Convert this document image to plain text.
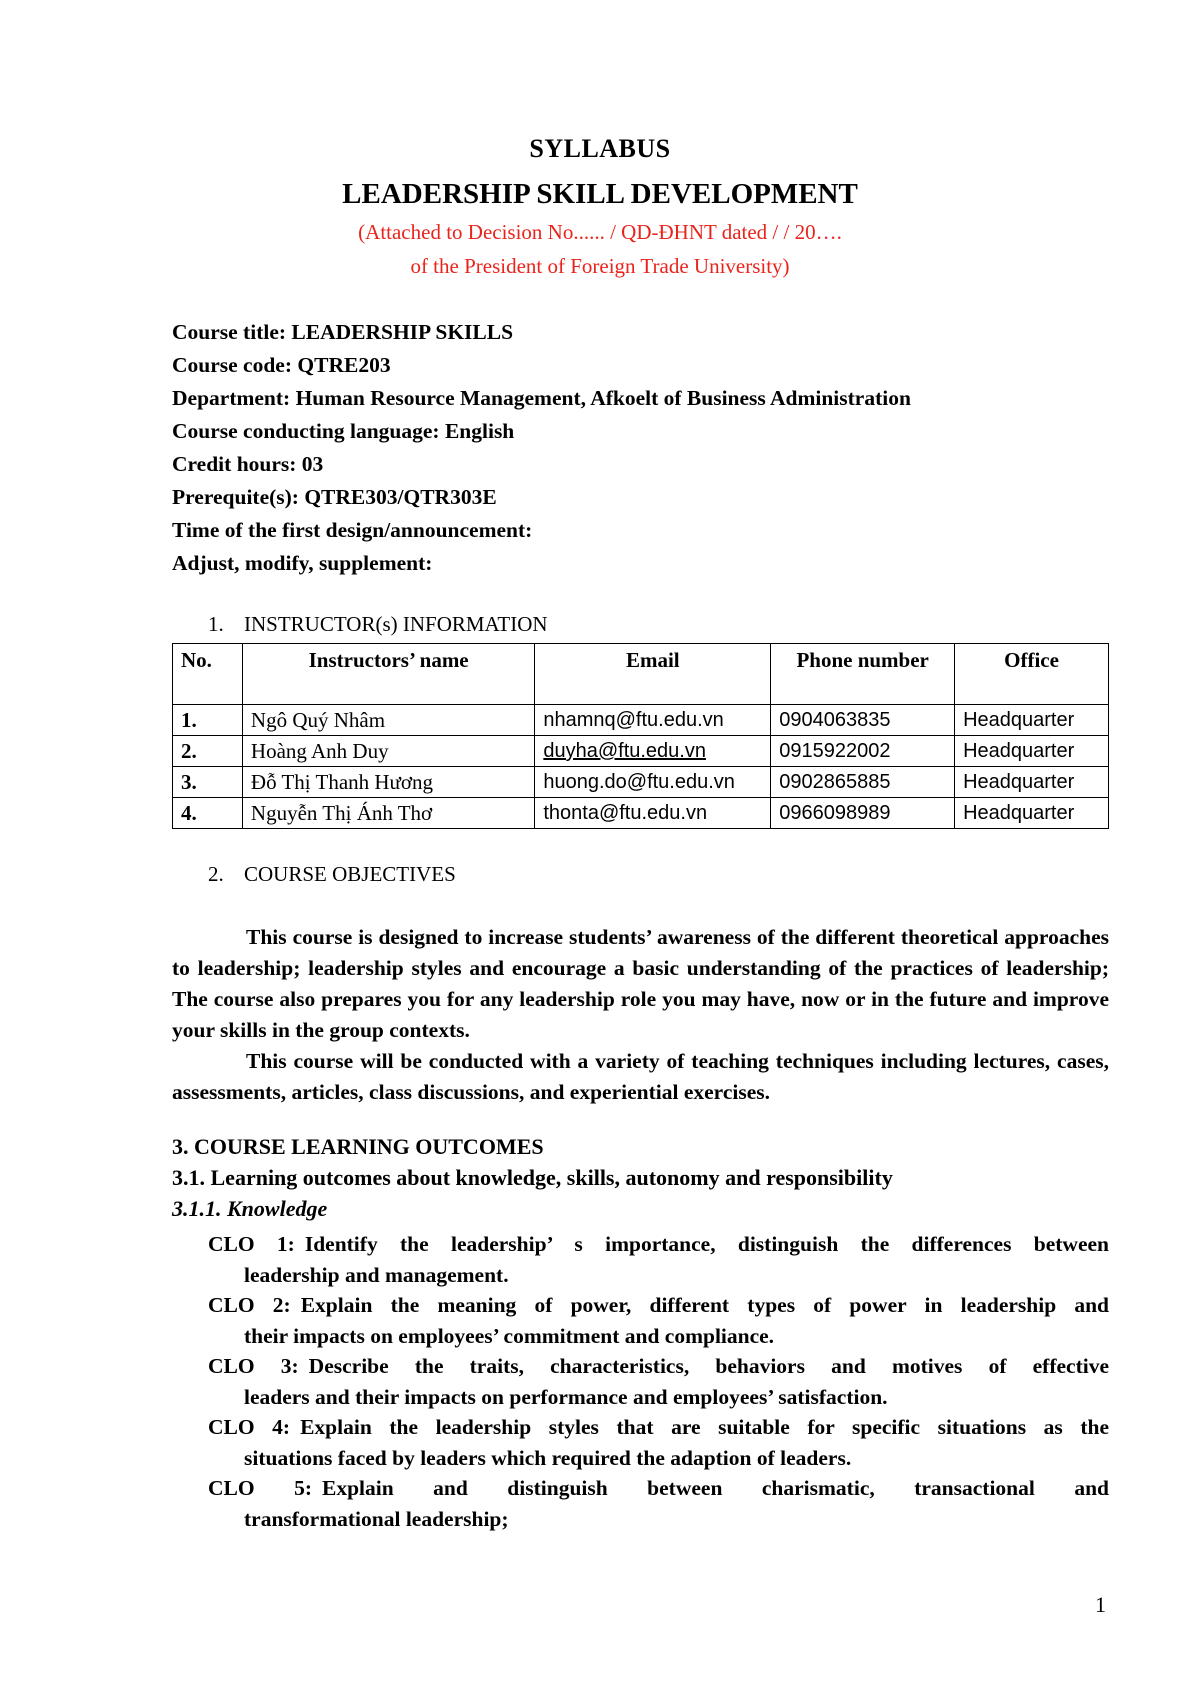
SYLLABUS
LEADERSHIP SKILL DEVELOPMENT
(Attached to Decision No...... / QD-ĐHNT dated / / 20….
of the President of Foreign Trade University)
Course title: LEADERSHIP SKILLS
Course code: QTRE203
Department: Human Resource Management, Afkoelt of Business Administration
Course conducting language: English
Credit hours: 03
Prerequite(s): QTRE303/QTR303E
Time of the first design/announcement:
Adjust, modify, supplement:
1. INSTRUCTOR(s) INFORMATION
No.	Instructors’ name	Email	Phone number	Office
1.	Ngô Quý Nhâm	nhamnq@ftu.edu.vn	0904063835	Headquarter
2.	Hoàng Anh Duy	duyha@ftu.edu.vn	0915922002	Headquarter
3.	Đỗ Thị Thanh Hương	huong.do@ftu.edu.vn	0902865885	Headquarter
4.	Nguyễn Thị Ánh Thơ	thonta@ftu.edu.vn	0966098989	Headquarter
2. COURSE OBJECTIVES
This course is designed to increase students’ awareness of the different theoretical approaches to leadership; leadership styles and encourage a basic understanding of the practices of leadership; The course also prepares you for any leadership role you may have, now or in the future and improve your skills in the group contexts.
This course will be conducted with a variety of teaching techniques including lectures, cases, assessments, articles, class discussions, and experiential exercises.
3. COURSE LEARNING OUTCOMES
3.1. Learning outcomes about knowledge, skills, autonomy and responsibility
3.1.1. Knowledge
CLO 1: Identify the leadership’ s importance, distinguish the differences between
leadership and management.
CLO 2: Explain the meaning of power, different types of power in leadership and
their impacts on employees’ commitment and compliance.
CLO 3: Describe the traits, characteristics, behaviors and motives of effective
leaders and their impacts on performance and employees’ satisfaction.
CLO 4: Explain the leadership styles that are suitable for specific situations as the
situations faced by leaders which required the adaption of leaders.
CLO 5: Explain and distinguish between charismatic, transactional and
transformational leadership;
1
